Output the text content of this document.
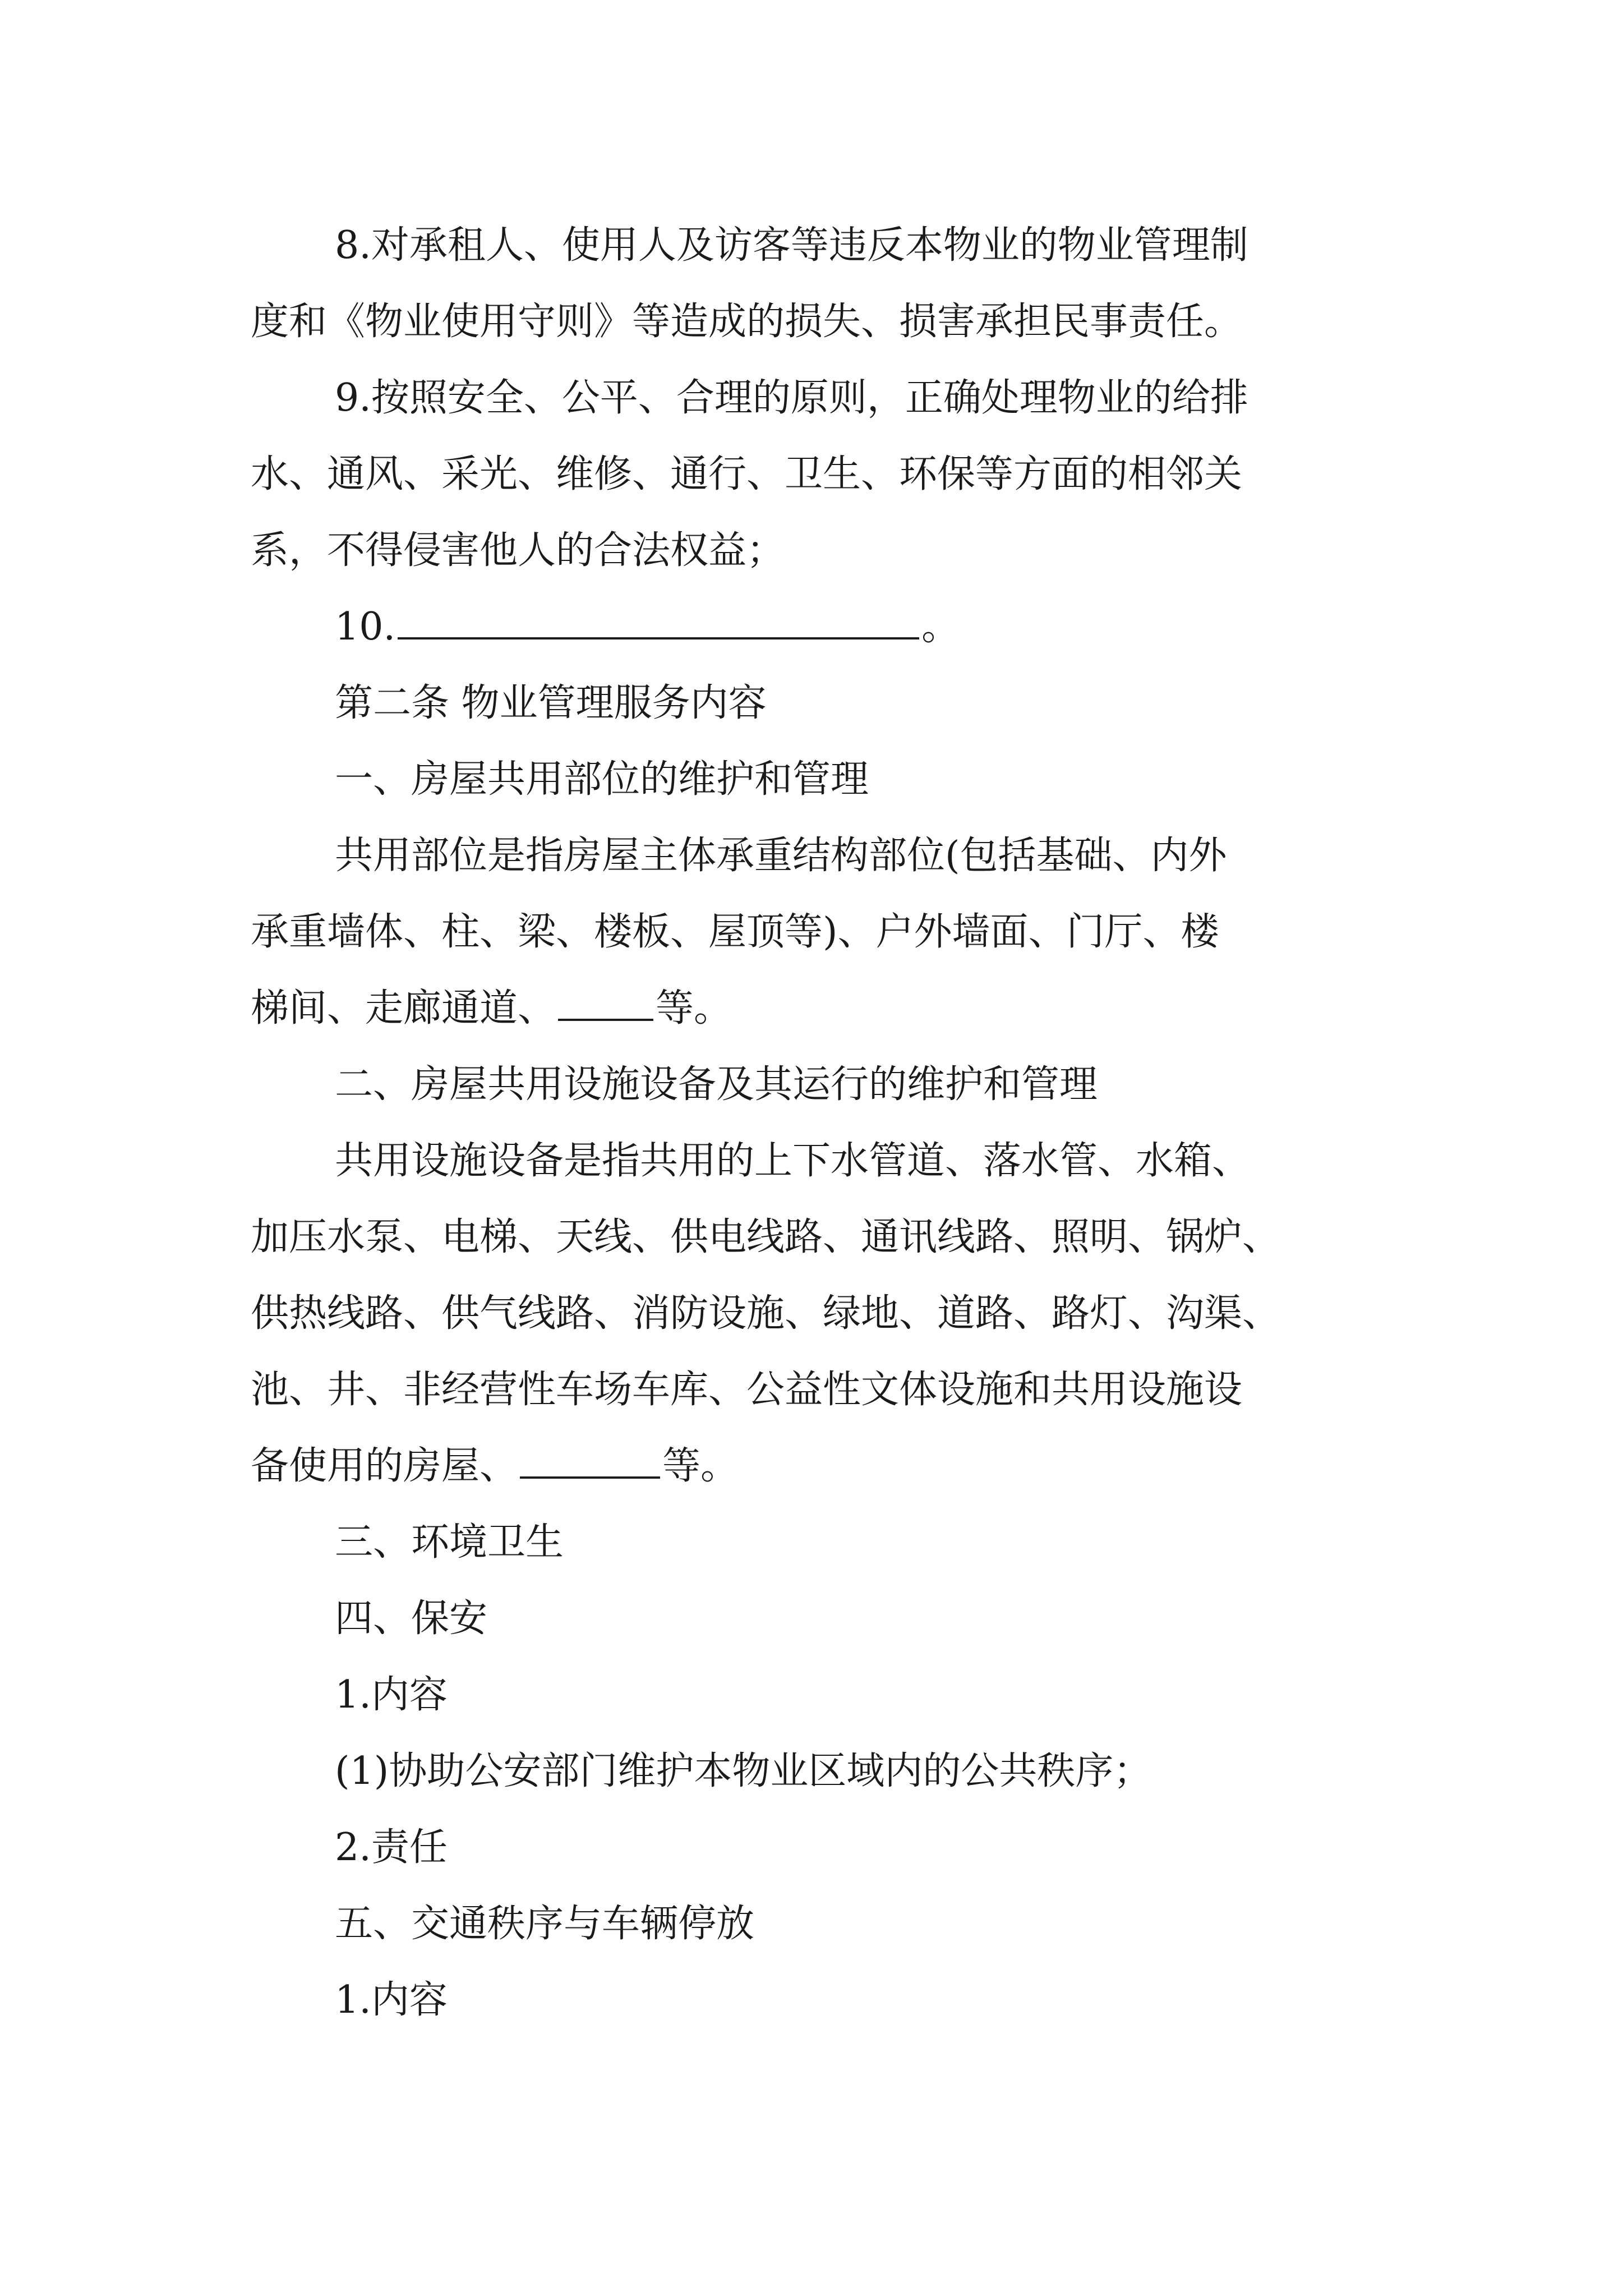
8.对承租人、使用人及访客等违反本物业的物业管理制
度和《物业使用守则》等造成的损失、损害承担民事责任。
9.按照安全、公平、合理的原则，正确处理物业的给排
水、通风、采光、维修、通行、卫生、环保等方面的相邻关
系，不得侵害他人的合法权益；
10.	。
第二条 物业管理服务内容
一、房屋共用部位的维护和管理
共用部位是指房屋主体承重结构部位(包括基础、内外
承重墙体、柱、梁、楼板、屋顶等)、户外墙面、门厅、楼
梯间、走廊通道、	等。
二、房屋共用设施设备及其运行的维护和管理
共用设施设备是指共用的上下水管道、落水管、水箱、
加压水泵、电梯、天线、供电线路、通讯线路、照明、锅炉、
供热线路、供气线路、消防设施、绿地、道路、路灯、沟渠、
池、井、非经营性车场车库、公益性文体设施和共用设施设
备使用的房屋、	等。
三、环境卫生
四、保安
1.内容
(1)协助公安部门维护本物业区域内的公共秩序；
2.责任
五、交通秩序与车辆停放
1.内容
